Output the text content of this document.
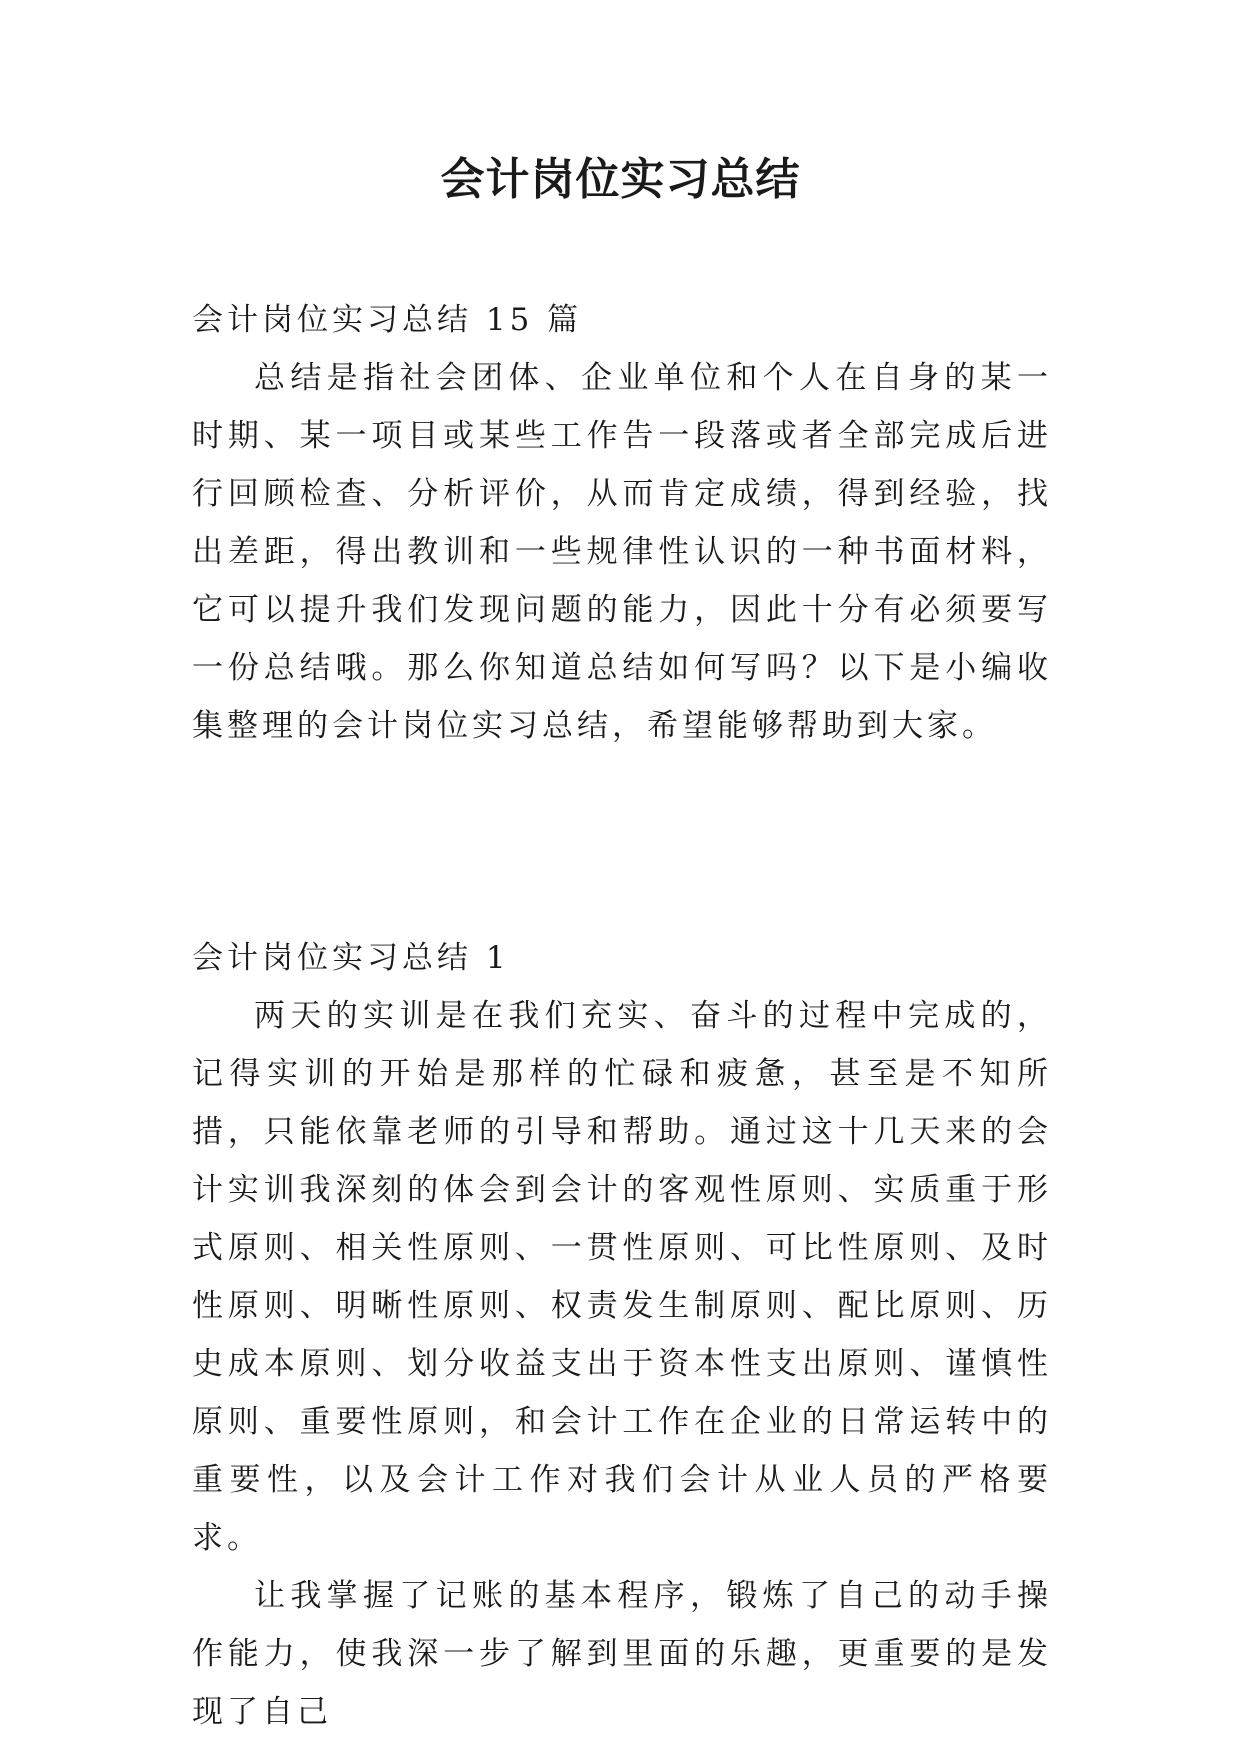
会计岗位实习总结

会计岗位实习总结 15 篇

总结是指社会团体、企业单位和个人在自身的某一时期、某一项目或某些工作告一段落或者全部完成后进行回顾检查、分析评价，从而肯定成绩，得到经验，找出差距，得出教训和一些规律性认识的一种书面材料，它可以提升我们发现问题的能力，因此十分有必须要写一份总结哦。那么你知道总结如何写吗？以下是小编收集整理的会计岗位实习总结，希望能够帮助到大家。

会计岗位实习总结 1

两天的实训是在我们充实、奋斗的过程中完成的，记得实训的开始是那样的忙碌和疲惫，甚至是不知所措，只能依靠老师的引导和帮助。通过这十几天来的会计实训我深刻的体会到会计的客观性原则、实质重于形式原则、相关性原则、一贯性原则、可比性原则、及时性原则、明晰性原则、权责发生制原则、配比原则、历史成本原则、划分收益支出于资本性支出原则、谨慎性原则、重要性原则，和会计工作在企业的日常运转中的重要性，以及会计工作对我们会计从业人员的严格要求。

让我掌握了记账的基本程序，锻炼了自己的动手操作能力，使我深一步了解到里面的乐趣，更重要的是发现了自己
